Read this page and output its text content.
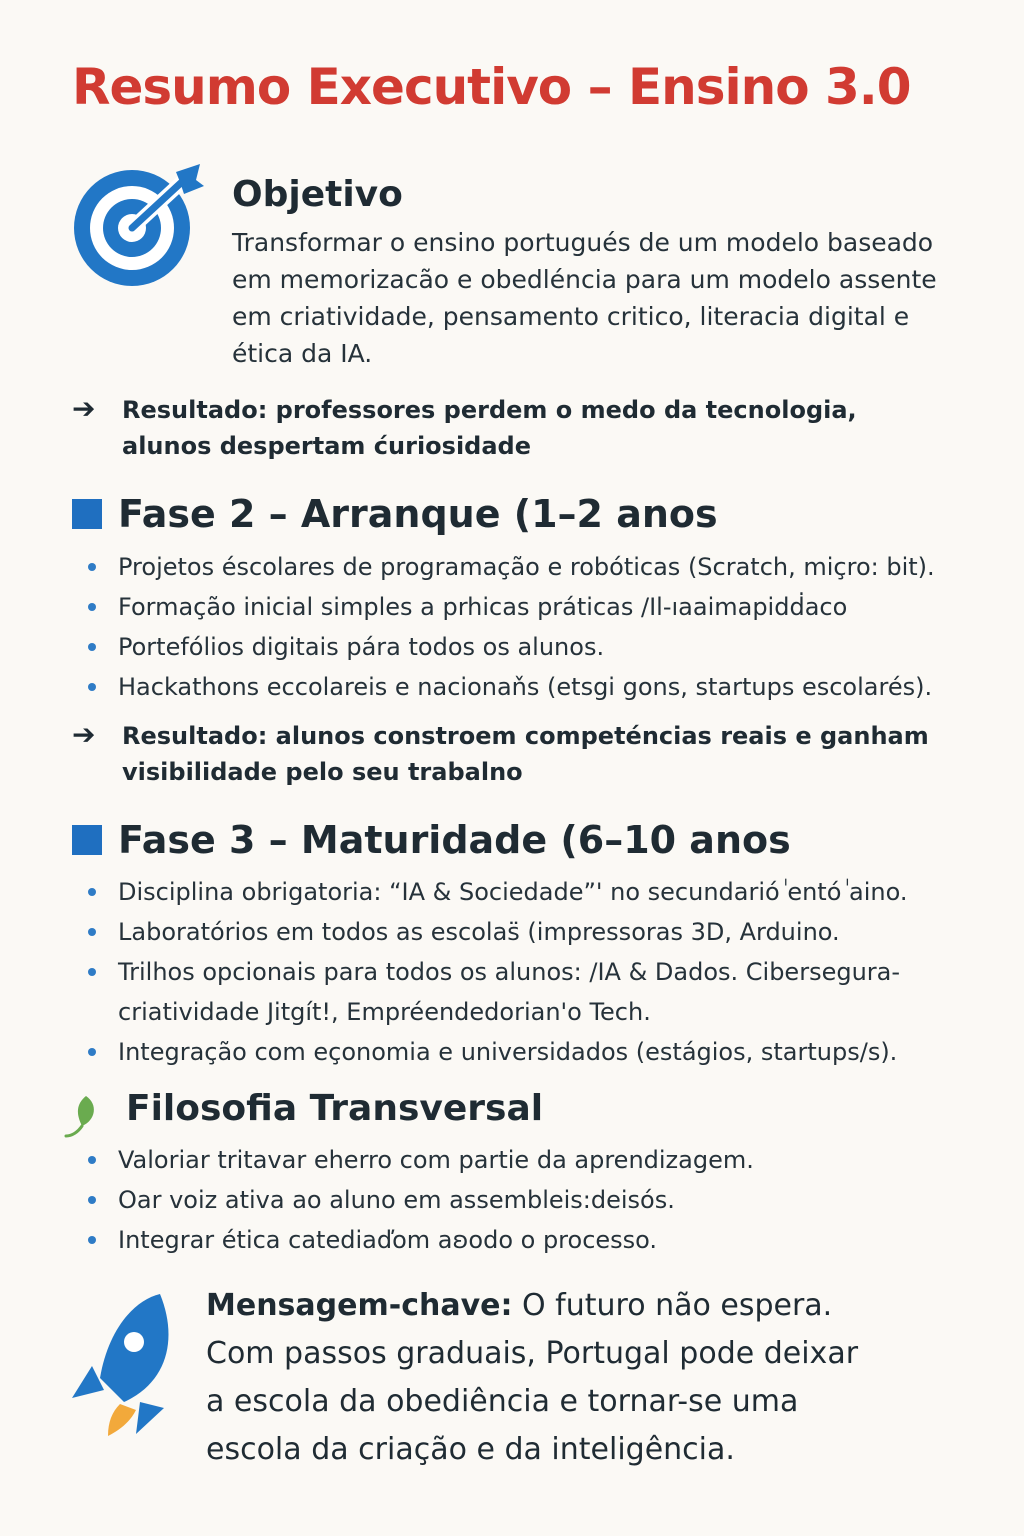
Resumo Executivo – Ensino 3.0
Objetivo
Transformar o ensino portugués de um modelo baseado
em memorizacão e obedléncia para um modelo assente
em criatividade, pensamento critico, literacia digital e
ética da IA.
➔ Resultado: professores perdem o medo da tecnologia,
alunos despertam ćuriosidade
Fase 2 – Arranque (1–2 anos
Projetos éscolares de programação e robóticas (Scratch, miçro: bit).
Formação inicial simples a prhicas práticas /Il-ıaaimapidḋaco
Portefólios digitais pára todos os alunos.
Hackathons eccolareis e nacionaňs (etsgi gons, startups escolarés).
➔ Resultado: alunos constroem competéncias reais e ganham
visibilidade pelo seu trabalno
Fase 3 – Maturidade (6–10 anos
Disciplina obrigatoria: “IA & Sociedade”' no secundarióٰ entóٰ aino.
Laboratórios em todos as escolas̈ (impressoras 3D, Arduino.
Trilhos opcionais para todos os alunos: /IA & Dados. Cibersegura-
criatividade Jitgít!, Empréendedorian'o Tech.
Integração com eçonomia e universidados (estágios, startups/s).
Filosofia Transversal
Valoriar tritavar eherro com partie da aprendizagem.
Oar voiz ativa ao aluno em assembleis:deisós.
Integrar ética catediaďom aʚodo o processo.
Mensagem-chave: O futuro não espera.
Com passos graduais, Portugal pode deixar
a escola da obediência e tornar-se uma
escola da criação e da inteligência.
